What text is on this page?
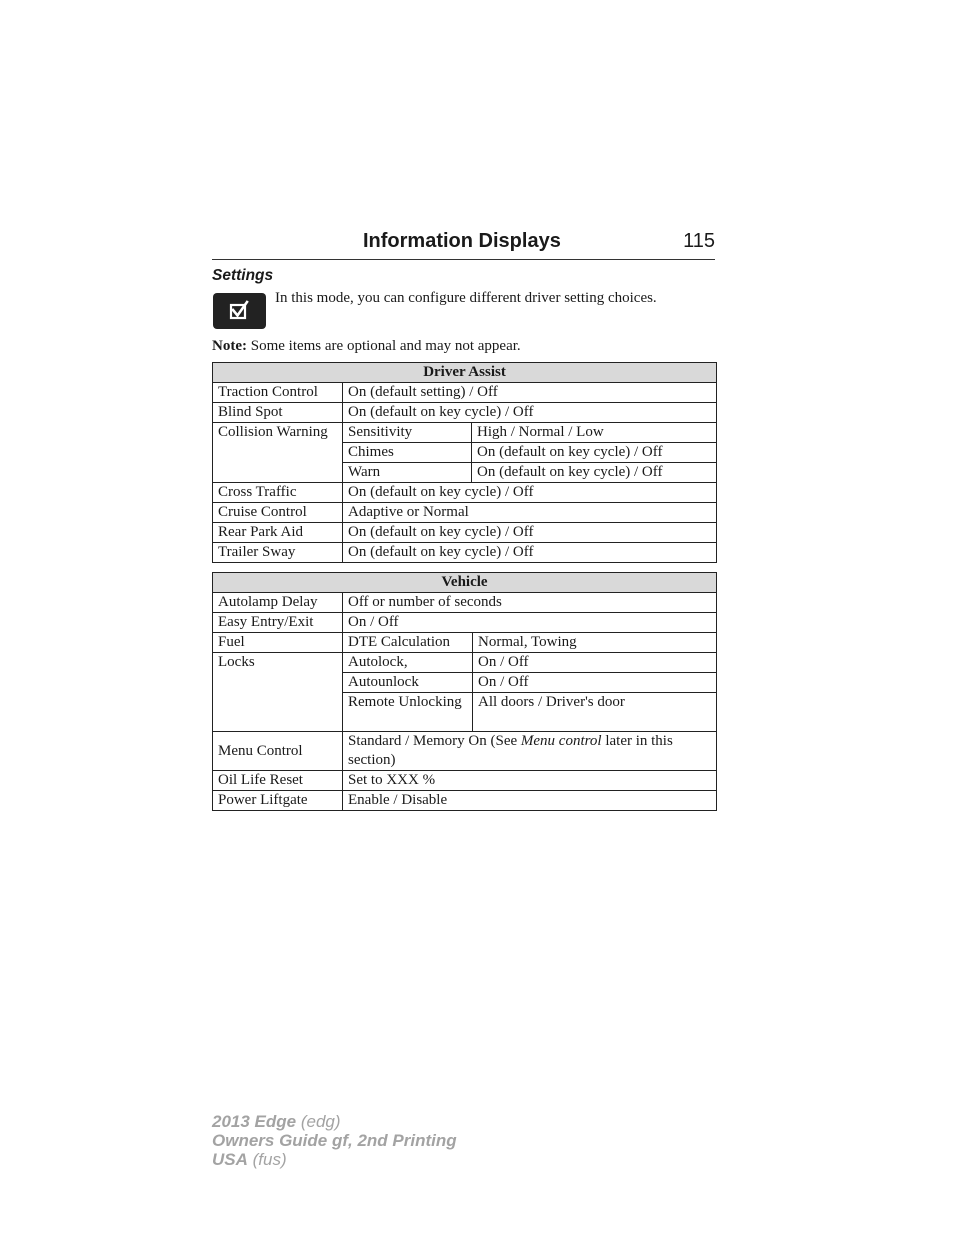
Information Displays	115
Settings
In this mode, you can configure different driver setting choices.
Note: Some items are optional and may not appear.
Driver Assist		
Traction Control	On (default setting) / Off	
Blind Spot	On (default on key cycle) / Off	
Collision Warning	Sensitivity	High / Normal / Low
	Chimes	On (default on key cycle) / Off
	Warn	On (default on key cycle) / Off
Cross Traffic	On (default on key cycle) / Off	
Cruise Control	Adaptive or Normal	
Rear Park Aid	On (default on key cycle) / Off	
Trailer Sway	On (default on key cycle) / Off	
Vehicle		
Autolamp Delay	Off or number of seconds	
Easy Entry/Exit	On / Off	
Fuel	DTE Calculation	Normal, Towing
Locks	Autolock,	On / Off
	Autounlock	On / Off
	Remote Unlocking	All doors / Driver's door
Menu Control	Standard / Memory On (See Menu control later in this section)	
Oil Life Reset	Set to XXX %	
Power Liftgate	Enable / Disable	
2013 Edge (edg)
Owners Guide gf, 2nd Printing
USA (fus)
